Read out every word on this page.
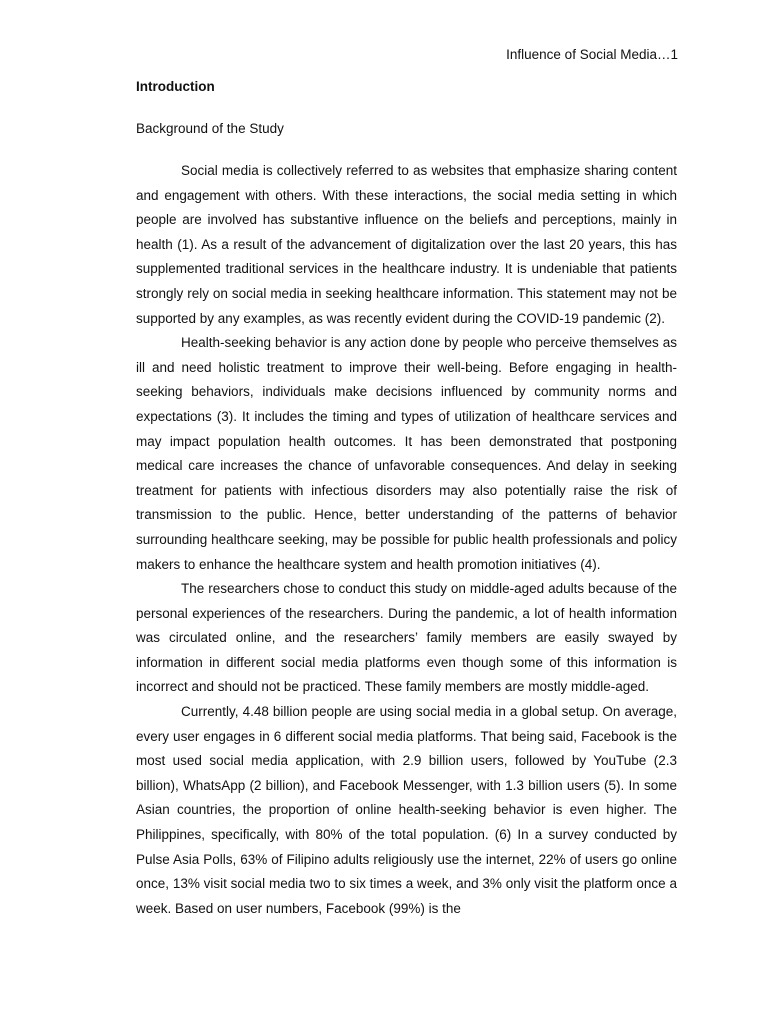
Influence of Social Media…1
Introduction
Background of the Study

Social media is collectively referred to as websites that emphasize sharing content and engagement with others. With these interactions, the social media setting in which people are involved has substantive influence on the beliefs and perceptions, mainly in health (1). As a result of the advancement of digitalization over the last 20 years, this has supplemented traditional services in the healthcare industry. It is undeniable that patients strongly rely on social media in seeking healthcare information. This statement may not be supported by any examples, as was recently evident during the COVID-19 pandemic (2).

Health-seeking behavior is any action done by people who perceive themselves as ill and need holistic treatment to improve their well-being. Before engaging in health-seeking behaviors, individuals make decisions influenced by community norms and expectations (3). It includes the timing and types of utilization of healthcare services and may impact population health outcomes. It has been demonstrated that postponing medical care increases the chance of unfavorable consequences. And delay in seeking treatment for patients with infectious disorders may also potentially raise the risk of transmission to the public. Hence, better understanding of the patterns of behavior surrounding healthcare seeking, may be possible for public health professionals and policy makers to enhance the healthcare system and health promotion initiatives (4).

The researchers chose to conduct this study on middle-aged adults because of the personal experiences of the researchers. During the pandemic, a lot of health information was circulated online, and the researchers’ family members are easily swayed by information in different social media platforms even though some of this information is incorrect and should not be practiced. These family members are mostly middle-aged.

Currently, 4.48 billion people are using social media in a global setup. On average, every user engages in 6 different social media platforms. That being said, Facebook is the most used social media application, with 2.9 billion users, followed by YouTube (2.3 billion), WhatsApp (2 billion), and Facebook Messenger, with 1.3 billion users (5). In some Asian countries, the proportion of online health-seeking behavior is even higher. The Philippines, specifically, with 80% of the total population. (6) In a survey conducted by Pulse Asia Polls, 63% of Filipino adults religiously use the internet, 22% of users go online once, 13% visit social media two to six times a week, and 3% only visit the platform once a week. Based on user numbers, Facebook (99%) is the
